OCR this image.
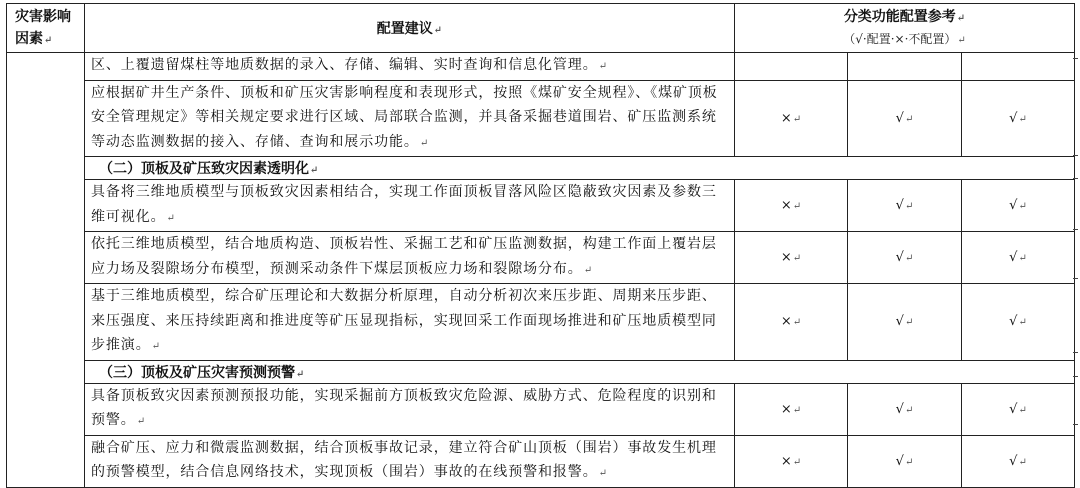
灾害影响因素↵	配置建议↵	分类功能配置参考↵
（√·配置·×·不配置）↵		

	区、上覆遗留煤柱等地质数据的录入、存储、编辑、实时查询和信息化管理。↵			
	应根据矿井生产条件、顶板和矿压灾害影响程度和表现形式，按照《煤矿安全规程》、《煤矿顶板安全管理规定》等相关规定要求进行区域、局部联合监测，并具备采掘巷道围岩、矿压监测系统等动态监测数据的接入、存储、查询和展示功能。↵	×↵	√↵	√↵
	（二）顶板及矿压致灾因素透明化↵			
	具备将三维地质模型与顶板致灾因素相结合，实现工作面顶板冒落风险区隐蔽致灾因素及参数三维可视化。↵	×↵	√↵	√↵
	依托三维地质模型，结合地质构造、顶板岩性、采掘工艺和矿压监测数据，构建工作面上覆岩层应力场及裂隙场分布模型，预测采动条件下煤层顶板应力场和裂隙场分布。↵	×↵	√↵	√↵
	基于三维地质模型，综合矿压理论和大数据分析原理，自动分析初次来压步距、周期来压步距、来压强度、来压持续距离和推进度等矿压显现指标，实现回采工作面现场推进和矿压地质模型同步推演。↵	×↵	√↵	√↵
	（三）顶板及矿压灾害预测预警↵			
	具备顶板致灾因素预测预报功能，实现采掘前方顶板致灾危险源、威胁方式、危险程度的识别和预警。↵	×↵	√↵	√↵
	融合矿压、应力和微震监测数据，结合顶板事故记录，建立符合矿山顶板（围岩）事故发生机理的预警模型，结合信息网络技术，实现顶板（围岩）事故的在线预警和报警。↵	×↵	√↵	√↵
